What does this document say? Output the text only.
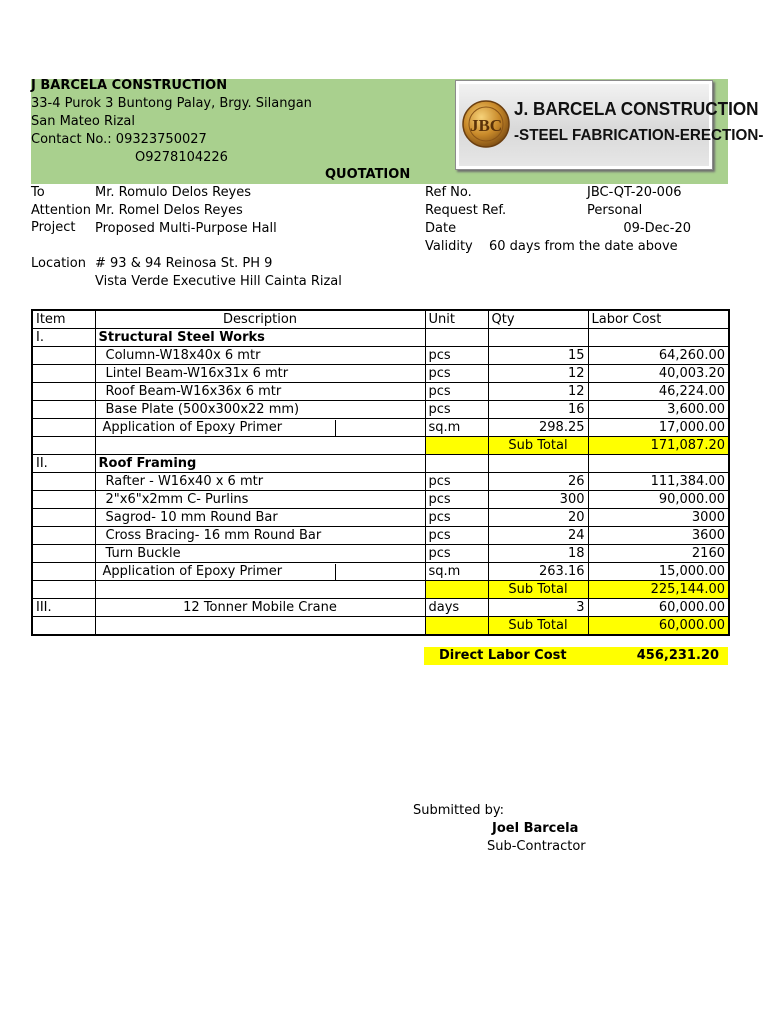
J BARCELA CONSTRUCTION
33-4 Purok 3 Buntong Palay, Brgy. Silangan
San Mateo Rizal
Contact No.: 09323750027
O9278104226
JBC
J. BARCELA CONSTRUCTION
-STEEL FABRICATION-ERECTION-
QUOTATION
To	Mr. Romulo Delos Reyes
Attention Mr. Romel Delos Reyes
Project Proposed Multi-Purpose Hall
Location # 93 & 94 Reinosa St. PH 9
Vista Verde Executive Hill Cainta Rizal
Ref No.	JBC-QT-20-006
Request Ref.	Personal
Date	09-Dec-20
Validity 60 days from the date above
Item	Description	Unit	Qty	Labor Cost
I.	Structural Steel Works			
	Column-W18x40x 6 mtr	pcs	15	64,260.00
	Lintel Beam-W16x31x 6 mtr	pcs	12	40,003.20
	Roof Beam-W16x36x 6 mtr	pcs	12	46,224.00
	Base Plate (500x300x22 mm)	pcs	16	3,600.00

	Application of Epoxy Primer	sq.m	298.25	17,000.00
			Sub Total	171,087.20
II.	Roof Framing			
	Rafter - W16x40 x 6 mtr	pcs	26	111,384.00
	2"x6"x2mm C- Purlins	pcs	300	90,000.00
	Sagrod- 10 mm Round Bar	pcs	20	3000
	Cross Bracing- 16 mm Round Bar	pcs	24	3600
	Turn Buckle	pcs	18	2160

	Application of Epoxy Primer	sq.m	263.16	15,000.00
			Sub Total	225,144.00
III.	12 Tonner Mobile Crane	days	3	60,000.00
			Sub Total	60,000.00
Direct Labor Cost	456,231.20
Submitted by:
Joel Barcela
Sub-Contractor
